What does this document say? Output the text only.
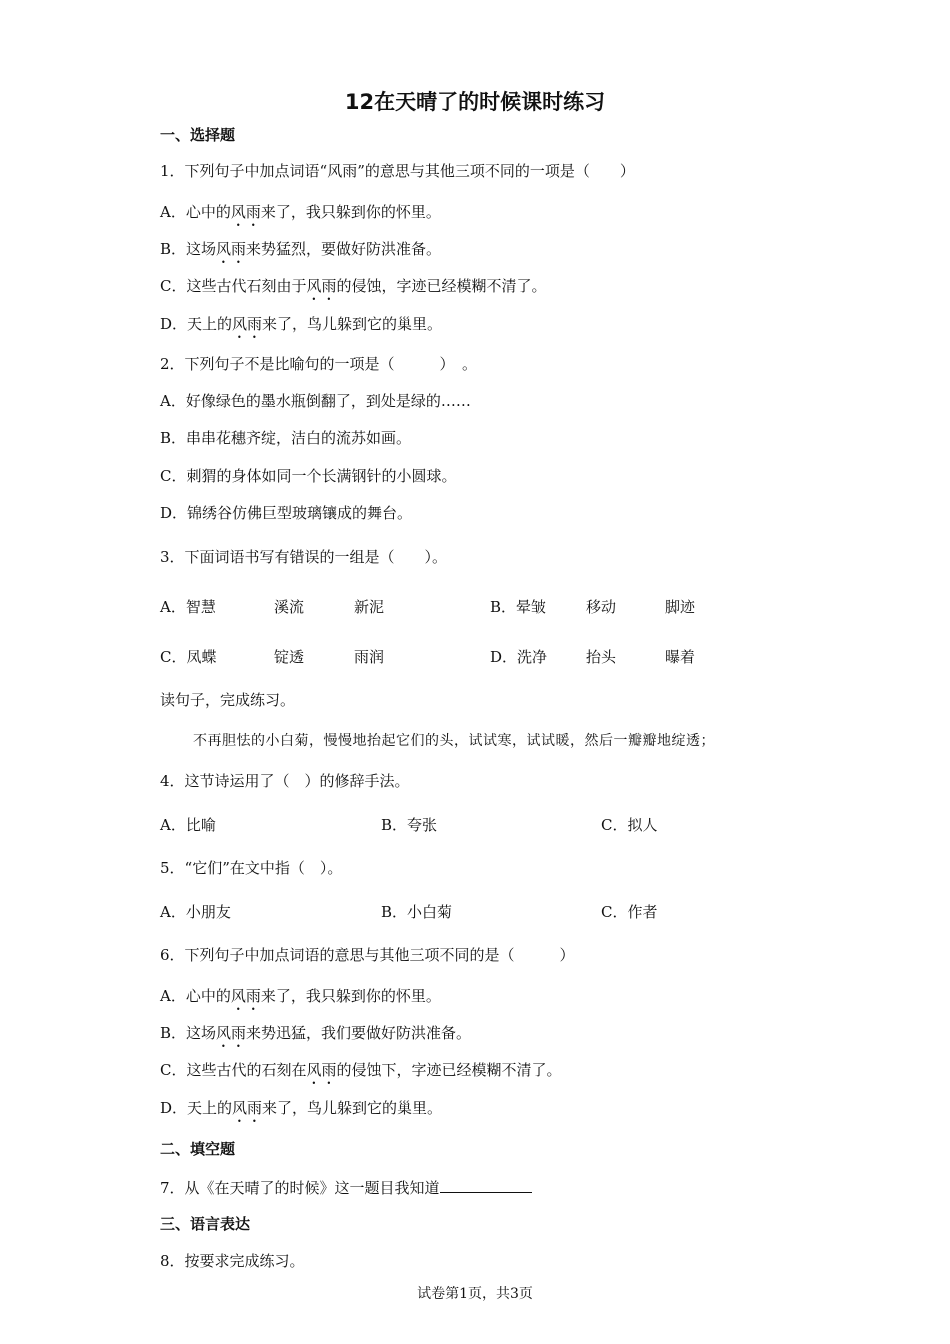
12在天晴了的时候课时练习
一、选择题
1．下列句子中加点词语“风雨”的意思与其他三项不同的一项是（　　）
A．心中的风雨来了，我只躲到你的怀里。
B．这场风雨来势猛烈，要做好防洪准备。
C．这些古代石刻由于风雨的侵蚀，字迹已经模糊不清了。
D．天上的风雨来了，鸟儿躲到它的巢里。
2．下列句子不是比喻句的一项是（　　　）　。
A．好像绿色的墨水瓶倒翻了，到处是绿的……
B．串串花穗齐绽，洁白的流苏如画。
C．刺猬的身体如同一个长满钢针的小圆球。
D．锦绣谷仿佛巨型玻璃镶成的舞台。
3．下面词语书写有错误的一组是（　　）。
A．智慧	溪流	新泥	B．晕皱	移动	脚迹
C．凤蝶	锭透	雨润	D．洗净	抬头	曝着
读句子，完成练习。
不再胆怯的小白菊，慢慢地抬起它们的头，试试寒，试试暖，然后一瓣瓣地绽透；
4．这节诗运用了（　）的修辞手法。
A．比喻	B．夸张	C．拟人
5．“它们”在文中指（　）。
A．小朋友	B．小白菊	C．作者
6．下列句子中加点词语的意思与其他三项不同的是（　　　）
A．心中的风雨来了，我只躲到你的怀里。
B．这场风雨来势迅猛，我们要做好防洪准备。
C．这些古代的石刻在风雨的侵蚀下，字迹已经模糊不清了。
D．天上的风雨来了，鸟儿躲到它的巢里。
二、填空题
7．从《在天晴了的时候》这一题目我知道
三、语言表达
8．按要求完成练习。
试卷第1页，共3页
